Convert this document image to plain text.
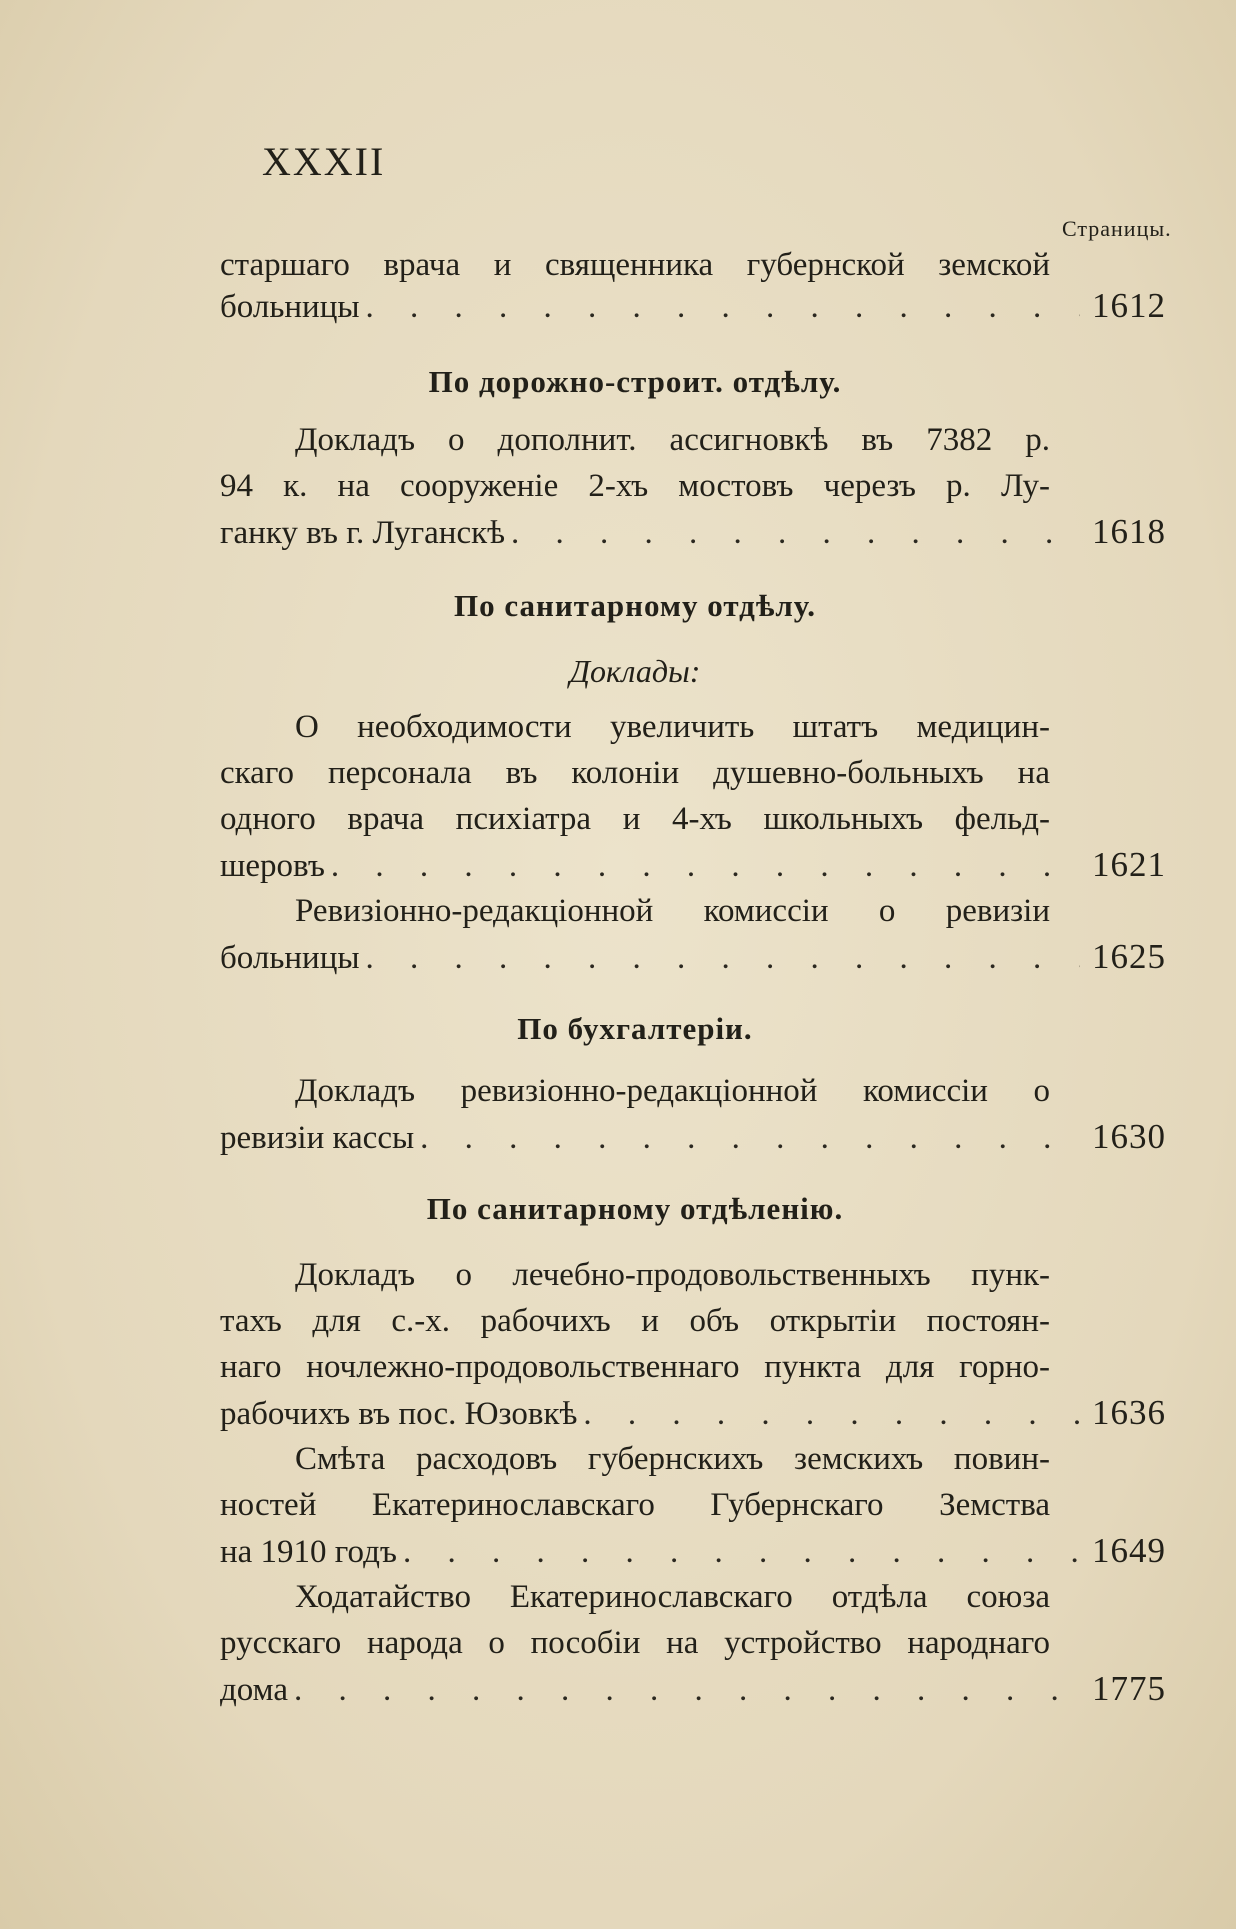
XXXII
Страницы.
старшаго врача и священника губернской земской
больницы . . .	1612
По дорожно-строит. отдѣлу.
Докладъ о дополнит. ассигновкѣ въ 7382 р.
94 к. на сооруженіе 2-хъ мостовъ черезъ р. Лу-
ганку въ г. Луганскѣ . . .	1618
По санитарному отдѣлу.
Доклады:
О необходимости увеличить штатъ медицин-
скаго персонала въ колоніи душевно-больныхъ на
одного врача психіатра и 4-хъ школьныхъ фельд-
шеровъ . . .	1621
Ревизіонно-редакціонной комиссіи о ревизіи
больницы . . .	1625
По бухгалтеріи.
Докладъ ревизіонно-редакціонной комиссіи о
ревизіи кассы . . .	1630
По санитарному отдѣленію.
Докладъ о лечебно-продовольственныхъ пунк-
тахъ для с.-х. рабочихъ и объ открытіи постоян-
наго ночлежно-продовольственнаго пункта для горно-
рабочихъ въ пос. Юзовкѣ . . .	1636
Смѣта расходовъ губернскихъ земскихъ повин-
ностей Екатеринославскаго Губернскаго Земства
на 1910 годъ . . .	1649
Ходатайство Екатеринославскаго отдѣла союза
русскаго народа о пособіи на устройство народнаго
дома . . .	1775
